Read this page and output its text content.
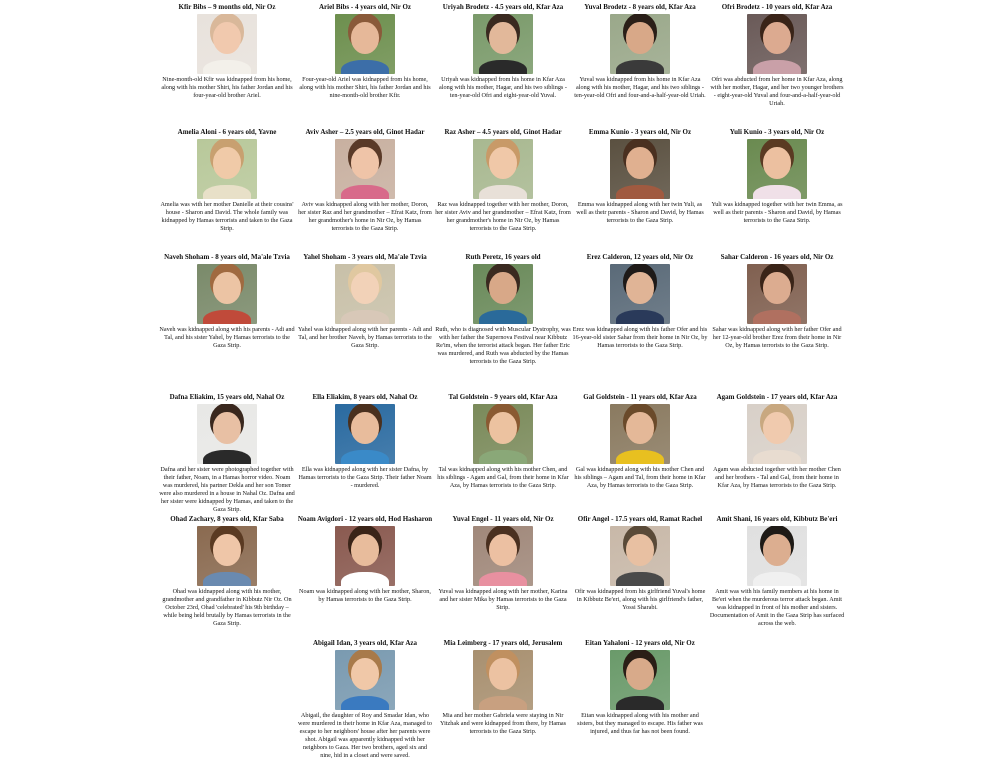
Kfir Bibs – 9 months old, Nir Oz
Nine-month-old Kfir was kidnapped from his home, along with his mother Shiri, his father Jordan and his four-year-old brother Ariel.
Ariel Bibs - 4 years old, Nir Oz
Four-year-old Ariel was kidnapped from his home, along with his mother Shiri, his father Jordan and his nine-month-old brother Kfir.
Uriyah Brodetz - 4.5 years old, Kfar Aza
Uriyah was kidnapped from his home in Kfar Aza along with his mother, Hagar, and his two siblings - ten-year-old Ofri and eight-year-old Yuval.
Yuval Brodetz - 8 years old, Kfar Aza
Yuval was kidnapped from his home in Kfar Aza along with his mother, Hagar, and his two siblings - ten-year-old Ofri and four-and-a-half-year-old Uriah.
Ofri Brodetz - 10 years old, Kfar Aza
Ofri was abducted from her home in Kfar Aza, along with her mother, Hagar, and her two younger brothers - eight-year-old Yuval and four-and-a-half-year-old Uriah.
Amelia Aloni - 6 years old, Yavne
Amelia was with her mother Danielle at their cousins' house - Sharon and David. The whole family was kidnapped by Hamas terrorists and taken to the Gaza Strip.
Aviv Asher – 2.5 years old, Ginot Hadar
Aviv was kidnapped along with her mother, Doron, her sister Raz and her grandmother – Efrat Katz, from her grandmother's home in Nir Oz, by Hamas terrorists to the Gaza Strip.
Raz Asher – 4.5 years old, Ginot Hadar
Raz was kidnapped together with her mother, Doron, her sister Aviv and her grandmother – Efrat Katz, from her grandmother's home in Nir Oz, by Hamas terrorists to the Gaza Strip.
Emma Kunio - 3 years old, Nir Oz
Emma was kidnapped along with her twin Yuli, as well as their parents - Sharon and David, by Hamas terrorists to the Gaza Strip.
Yuli Kunio - 3 years old, Nir Oz
Yuli was kidnapped together with her twin Emma, as well as their parents - Sharon and David, by Hamas terrorists to the Gaza Strip.
Naveh Shoham - 8 years old, Ma'ale Tzvia
Naveh was kidnapped along with his parents - Adi and Tal, and his sister Yahel, by Hamas terrorists to the Gaza Strip.
Yahel Shoham - 3 years old, Ma'ale Tzvia
Yahel was kidnapped along with her parents - Adi and Tal, and her brother Naveh, by Hamas terrorists to the Gaza Strip.
Ruth Peretz, 16 years old
Ruth, who is diagnosed with Muscular Dystrophy, was with her father the Supernova Festival near Kibbutz Re'im, when the terrorist attack began. Her father Eric was murdered, and Ruth was abducted by the Hamas terrorists to the Gaza Strip.
Erez Calderon, 12 years old, Nir Oz
Erez was kidnapped along with his father Ofer and his 16-year-old sister Sahar from their home in Nir Oz, by Hamas terrorists to the Gaza Strip.
Sahar Calderon - 16 years old, Nir Oz
Sahar was kidnapped along with her father Ofer and her 12-year-old brother Erez from their home in Nir Oz, by Hamas terrorists to the Gaza Strip.
Dafna Eliakim, 15 years old, Nahal Oz
Dafna and her sister were photographed together with their father, Noam, in a Hamas horror video. Noam was murdered, his partner Dekla and her son Tomer were also murdered in a house in Nahal Oz. Dafna and her sister were kidnapped by Hamas, and taken to the Gaza Strip.
Ella Eliakim, 8 years old, Nahal Oz
Ella was kidnapped along with her sister Dafna, by Hamas terrorists to the Gaza Strip. Their father Noam - murdered.
Tal Goldstein - 9 years old, Kfar Aza
Tal was kidnapped along with his mother Chen, and his siblings - Agam and Gal, from their home in Kfar Aza, by Hamas terrorists to the Gaza Strip.
Gal Goldstein - 11 years old, Kfar Aza
Gal was kidnapped along with his mother Chen and his siblings – Agam and Tal, from their home in Kfar Aza, by Hamas terrorists to the Gaza Strip.
Agam Goldstein - 17 years old, Kfar Aza
Agam was abducted together with her mother Chen and her brothers - Tal and Gal, from their home in Kfar Aza, by Hamas terrorists to the Gaza Strip.
Ohad Zachary, 8 years old, Kfar Saba
Ohad was kidnapped along with his mother, grandmother and grandfather in Kibbutz Nir Oz. On October 23rd, Ohad 'celebrated' his 9th birthday – while being held brutally by Hamas terrorists in the Gaza Strip.
Noam Avigdori - 12 years old, Hod Hasharon
Noam was kidnapped along with her mother, Sharon, by Hamas terrorists to the Gaza Strip.
Yuval Engel - 11 years old, Nir Oz
Yuval was kidnapped along with her mother, Karina and her sister Mika by Hamas terrorists to the Gaza Strip.
Ofir Angel - 17.5 years old, Ramat Rachel
Ofir was kidnapped from his girlfriend Yuval's home in Kibbutz Be'eri, along with his girlfriend's father, Yossi Sharabi.
Amit Shani, 16 years old, Kibbutz Be'eri
Amit was with his family members at his home in Be'eri when the murderous terror attack began. Amit was kidnapped in front of his mother and sisters. Documentation of Amit in the Gaza Strip has surfaced across the web.
Abigail Idan, 3 years old, Kfar Aza
Abigail, the daughter of Roy and Smadar Idan, who were murdered in their home in Kfar Aza, managed to escape to her neighbors' house after her parents were shot. Abigail was apparently kidnapped with her neighbors to Gaza. Her two brothers, aged six and nine, hid in a closet and were saved.
Mia Leimberg - 17 years old, Jerusalem
Mia and her mother Gabriela were staying in Nir Yitzhak and were kidnapped from there, by Hamas terrorists to the Gaza Strip.
Eitan Yahaloni - 12 years old, Nir Oz
Eitan was kidnapped along with his mother and sisters, but they managed to escape. His father was injured, and thus far has not been found.
